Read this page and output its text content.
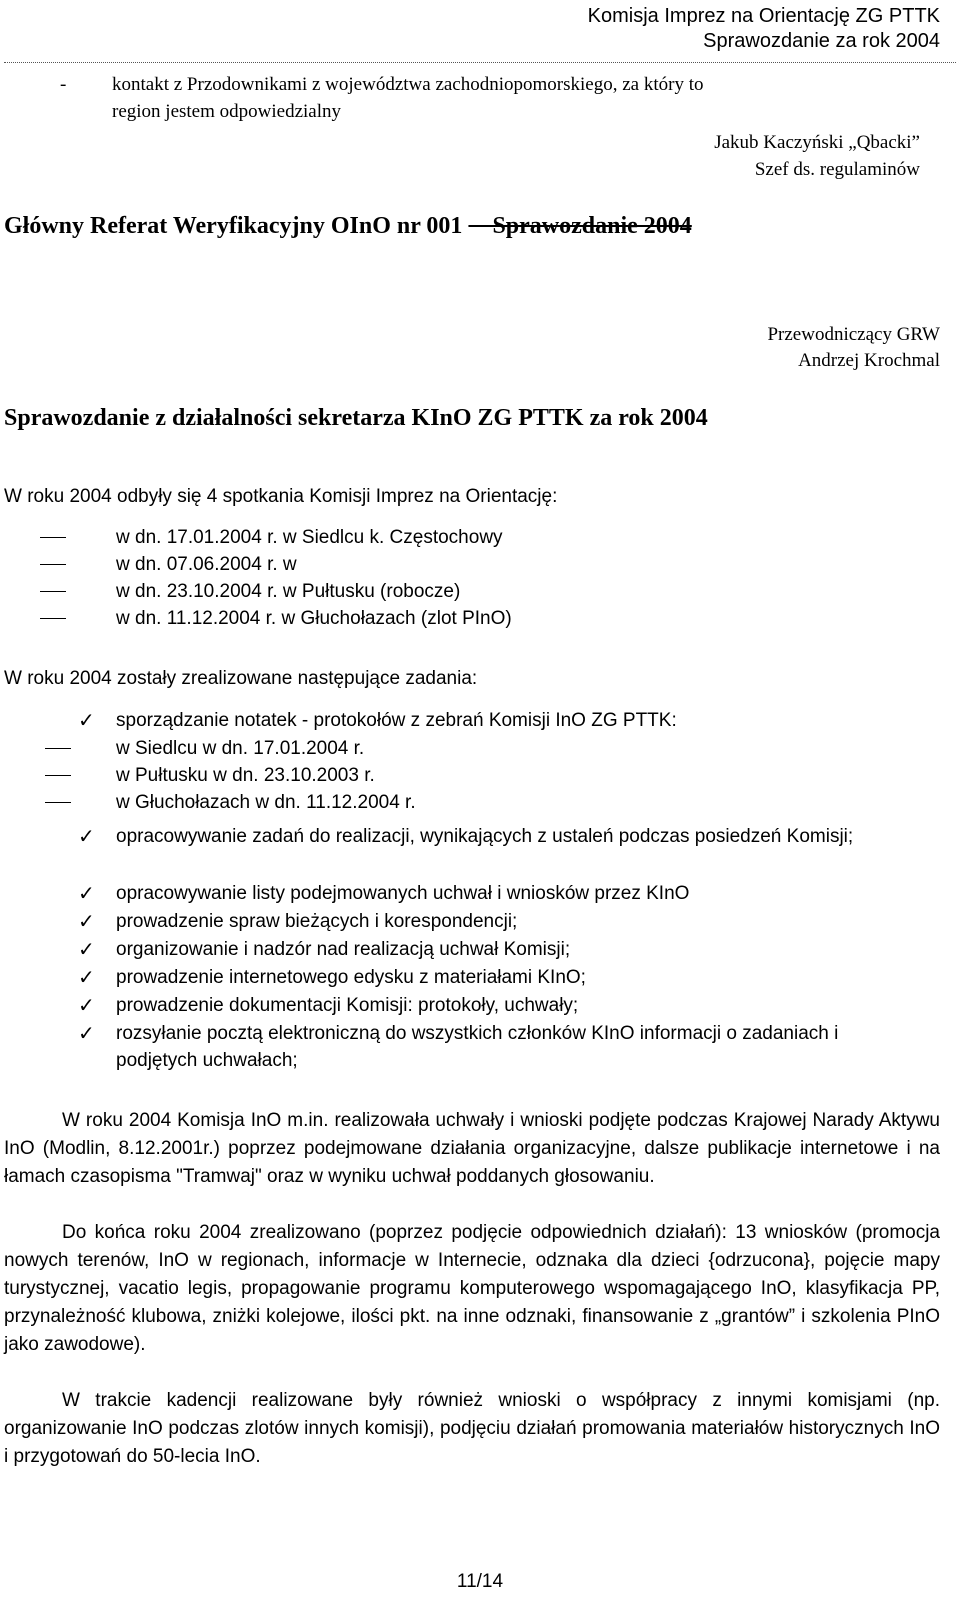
Komisja Imprez na Orientację ZG PTTK
Sprawozdanie za rok 2004
- kontakt z Przodownikami z województwa zachodniopomorskiego, za który to
region jestem odpowiedzialny
Jakub Kaczyński „Qbacki”
Szef ds. regulaminów
Główny Referat Weryfikacyjny OInO nr 001     Sprawozdanie 2004
Przewodniczący GRW
Andrzej Krochmal
Sprawozdanie z działalności sekretarza KInO ZG PTTK za rok 2004
W roku 2004 odbyły się 4 spotkania Komisji Imprez na Orientację:
w dn. 17.01.2004 r. w Siedlcu k. Częstochowy
w dn. 07.06.2004 r. w
w dn. 23.10.2004 r. w Pułtusku (robocze)
w dn. 11.12.2004 r. w Głuchołazach (zlot PInO)
W roku 2004 zostały zrealizowane następujące zadania:
✓ sporządzanie notatek - protokołów z zebrań Komisji InO ZG PTTK:
w Siedlcu w dn. 17.01.2004 r.
w Pułtusku w dn. 23.10.2003 r.
w Głuchołazach w dn. 11.12.2004 r.
✓ opracowywanie zadań do realizacji, wynikających z ustaleń podczas posiedzeń Komisji;
✓ opracowywanie listy podejmowanych uchwał i wniosków przez KInO
✓ prowadzenie spraw bieżących i korespondencji;
✓ organizowanie i nadzór nad realizacją uchwał Komisji;
✓ prowadzenie internetowego edysku z materiałami KInO;
✓ prowadzenie dokumentacji Komisji: protokoły, uchwały;
✓ rozsyłanie pocztą elektroniczną do wszystkich członków KInO informacji o zadaniach i podjętych uchwałach;
W roku 2004 Komisja InO m.in. realizowała uchwały i wnioski podjęte podczas Krajowej Narady Aktywu InO (Modlin, 8.12.2001r.) poprzez podejmowane działania organizacyjne, dalsze publikacje internetowe i na łamach czasopisma "Tramwaj" oraz w wyniku uchwał poddanych głosowaniu.
Do końca roku 2004 zrealizowano (poprzez podjęcie odpowiednich działań): 13 wniosków (promocja nowych terenów, InO w regionach, informacje w Internecie, odznaka dla dzieci {odrzucona}, pojęcie mapy turystycznej, vacatio legis, propagowanie programu komputerowego wspomagającego InO, klasyfikacja PP, przynależność klubowa, zniżki kolejowe, ilości pkt. na inne odznaki, finansowanie z „grantów” i szkolenia PInO jako zawodowe).
W trakcie kadencji realizowane były również wnioski o współpracy z innymi komisjami (np. organizowanie InO podczas zlotów innych komisji), podjęciu działań promowania materiałów historycznych InO i przygotowań do 50-lecia InO.
11/14
